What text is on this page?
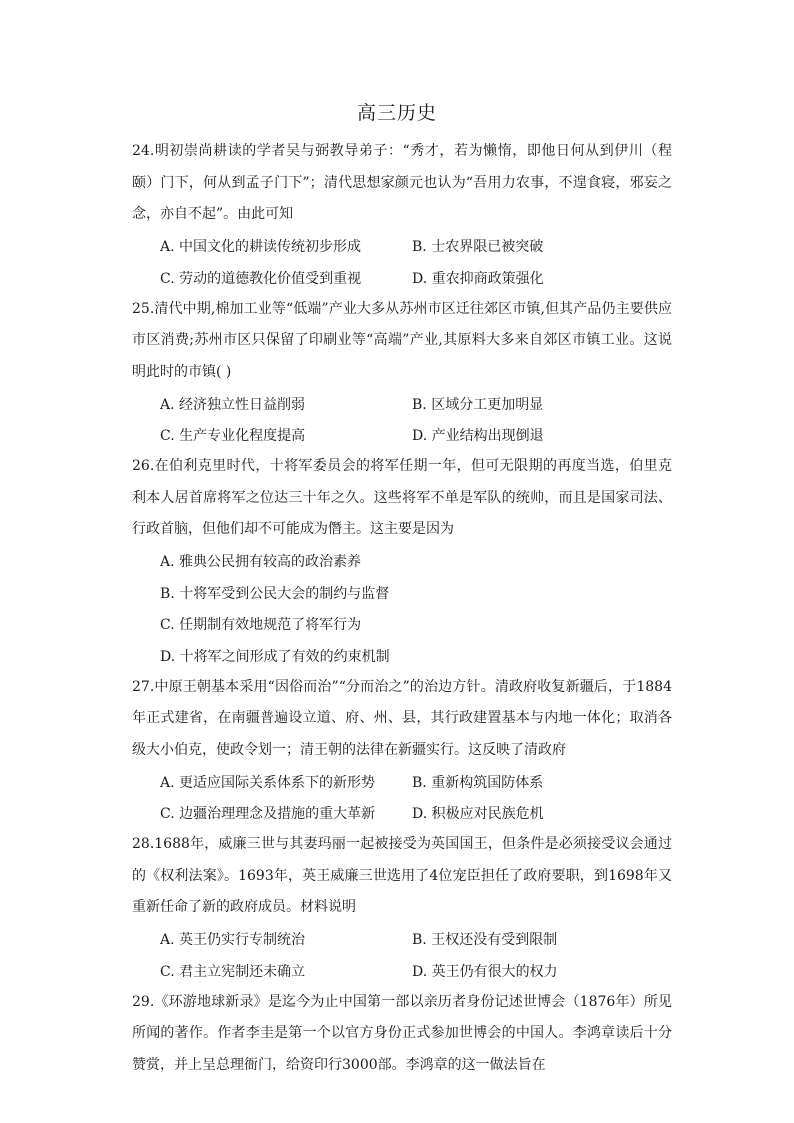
高三历史

24.明初崇尚耕读的学者吴与弼教导弟子：“秀才，若为懒惰，即他日何从到伊川（程颐）门下，何从到孟子门下”；清代思想家颜元也认为“吾用力农事，不遑食寝，邪妄之念，亦自不起”。由此可知

A. 中国文化的耕读传统初步形成	B. 士农界限已被突破
C. 劳动的道德教化价值受到重视	D. 重农抑商政策强化

25.清代中期,棉加工业等“低端”产业大多从苏州市区迁往郊区市镇,但其产品仍主要供应市区消费;苏州市区只保留了印刷业等“高端”产业,其原料大多来自郊区市镇工业。这说明此时的市镇( )

A. 经济独立性日益削弱	B. 区域分工更加明显
C. 生产专业化程度提高	D. 产业结构出现倒退

26.在伯利克里时代，十将军委员会的将军任期一年，但可无限期的再度当选，伯里克利本人居首席将军之位达三十年之久。这些将军不单是军队的统帅，而且是国家司法、行政首脑，但他们却不可能成为僭主。这主要是因为

A. 雅典公民拥有较高的政治素养
B. 十将军受到公民大会的制约与监督
C. 任期制有效地规范了将军行为
D. 十将军之间形成了有效的约束机制

27.中原王朝基本采用“因俗而治”“分而治之”的治边方针。清政府收复新疆后，于1884年正式建省，在南疆普遍设立道、府、州、县，其行政建置基本与内地一体化；取消各级大小伯克，使政令划一；清王朝的法律在新疆实行。这反映了清政府

A. 更适应国际关系体系下的新形势	B. 重新构筑国防体系
C. 边疆治理理念及措施的重大革新	D. 积极应对民族危机

28.1688年，威廉三世与其妻玛丽一起被接受为英国国王，但条件是必须接受议会通过的《权利法案》。1693年，英王威廉三世选用了4位宠臣担任了政府要职，到1698年又重新任命了新的政府成员。材料说明

A. 英王仍实行专制统治	B. 王权还没有受到限制
C. 君主立宪制还未确立	D. 英王仍有很大的权力

29.《环游地球新录》是迄今为止中国第一部以亲历者身份记述世博会（1876年）所见所闻的著作。作者李圭是第一个以官方身份正式参加世博会的中国人。李鸿章读后十分赞赏，并上呈总理衙门，给资印行3000部。李鸿章的这一做法旨在
